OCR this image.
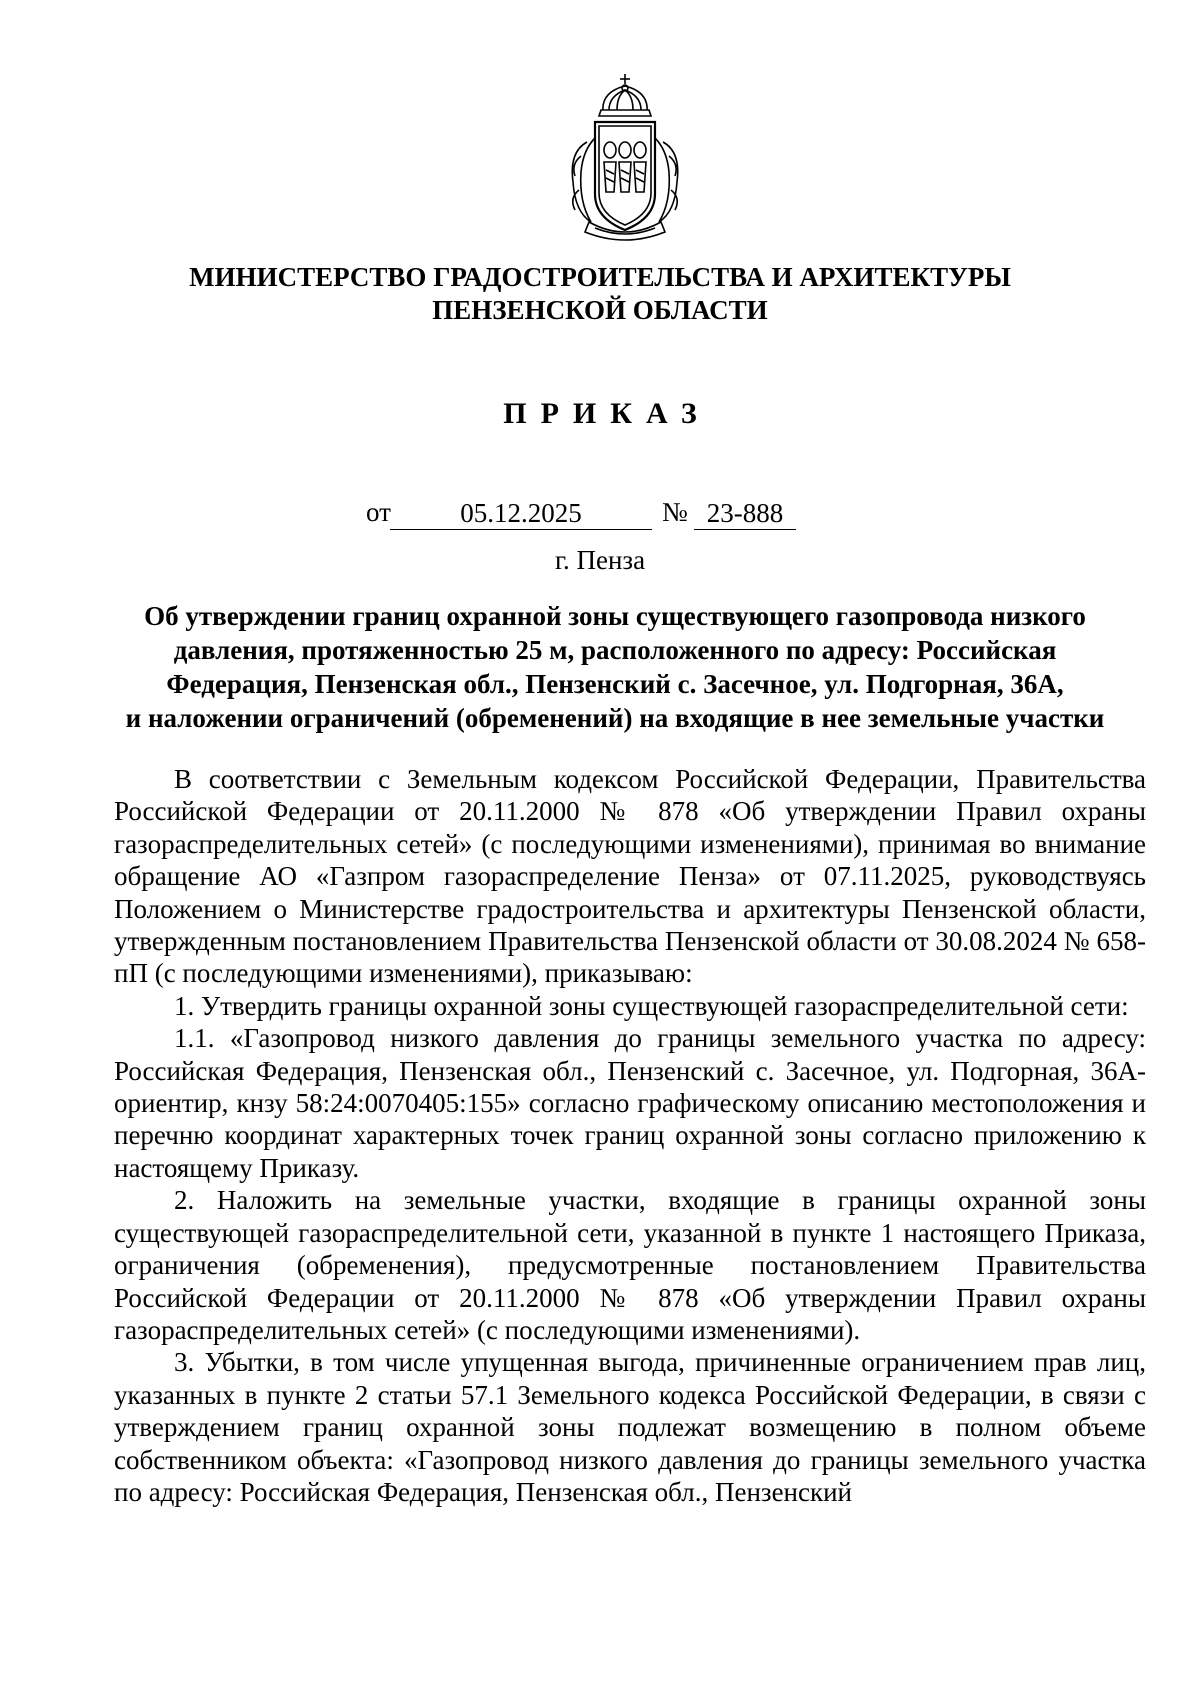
МИНИСТЕРСТВО ГРАДОСТРОИТЕЛЬСТВА И АРХИТЕКТУРЫ
ПЕНЗЕНСКОЙ ОБЛАСТИ
ПРИКАЗ
от	05.12.2025	№ 23-888
г. Пенза
Об утверждении границ охранной зоны существующего газопровода низкого
давления, протяженностью 25 м, расположенного по адресу: Российская
Федерация, Пензенская обл., Пензенский с. Засечное, ул. Подгорная, 36А,
и наложении ограничений (обременений) на входящие в нее земельные участки

В соответствии с Земельным кодексом Российской Федерации, Правительства Российской Федерации от 20.11.2000 № 878 «Об утверждении Правил охраны газораспределительных сетей» (с последующими изменениями), принимая во внимание обращение АО «Газпром газораспределение Пенза» от 07.11.2025, руководствуясь Положением о Министерстве градостроительства и архитектуры Пензенской области, утвержденным постановлением Правительства Пензенской области от 30.08.2024 № 658-пП (с последующими изменениями), приказываю:

1. Утвердить границы охранной зоны существующей газораспределительной сети:

1.1. «Газопровод низкого давления до границы земельного участка по адресу: Российская Федерация, Пензенская обл., Пензенский с. Засечное, ул. Подгорная, 36А-ориентир, кнзу 58:24:0070405:155» согласно графическому описанию местоположения и перечню координат характерных точек границ охранной зоны согласно приложению к настоящему Приказу.

2. Наложить на земельные участки, входящие в границы охранной зоны существующей газораспределительной сети, указанной в пункте 1 настоящего Приказа, ограничения (обременения), предусмотренные постановлением Правительства Российской Федерации от 20.11.2000 № 878 «Об утверждении Правил охраны газораспределительных сетей» (с последующими изменениями).

3. Убытки, в том числе упущенная выгода, причиненные ограничением прав лиц, указанных в пункте 2 статьи 57.1 Земельного кодекса Российской Федерации, в связи с утверждением границ охранной зоны подлежат возмещению в полном объеме собственником объекта: «Газопровод низкого давления до границы земельного участка по адресу: Российская Федерация, Пензенская обл., Пензенский
